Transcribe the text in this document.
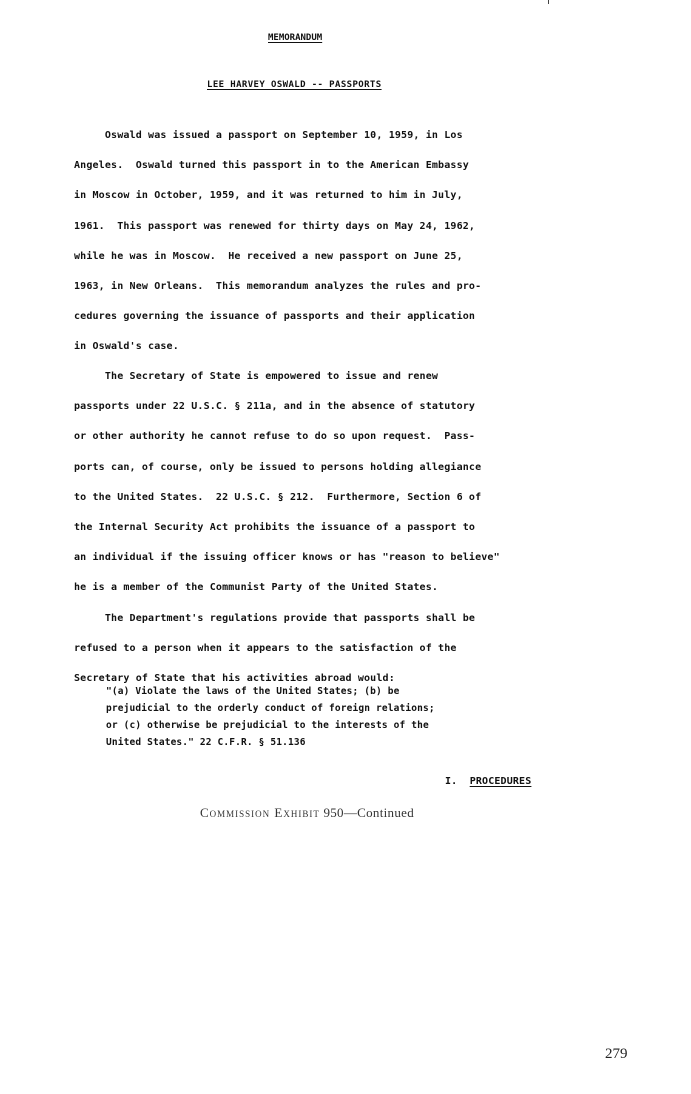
MEMORANDUM
LEE HARVEY OSWALD -- PASSPORTS
Oswald was issued a passport on September 10, 1959, in Los
Angeles.  Oswald turned this passport in to the American Embassy
in Moscow in October, 1959, and it was returned to him in July,
1961.  This passport was renewed for thirty days on May 24, 1962,
while he was in Moscow.  He received a new passport on June 25,
1963, in New Orleans.  This memorandum analyzes the rules and pro-
cedures governing the issuance of passports and their application
in Oswald's case.
The Secretary of State is empowered to issue and renew
passports under 22 U.S.C. § 211a, and in the absence of statutory
or other authority he cannot refuse to do so upon request.  Pass-
ports can, of course, only be issued to persons holding allegiance
to the United States.  22 U.S.C. § 212.  Furthermore, Section 6 of
the Internal Security Act prohibits the issuance of a passport to
an individual if the issuing officer knows or has "reason to believe"
he is a member of the Communist Party of the United States.
The Department's regulations provide that passports shall be
refused to a person when it appears to the satisfaction of the
Secretary of State that his activities abroad would:
"(a) Violate the laws of the United States; (b) be
prejudicial to the orderly conduct of foreign relations;
or (c) otherwise be prejudicial to the interests of the
United States." 22 C.F.R. § 51.136
I. PROCEDURES
Commission Exhibit 950—Continued
279
